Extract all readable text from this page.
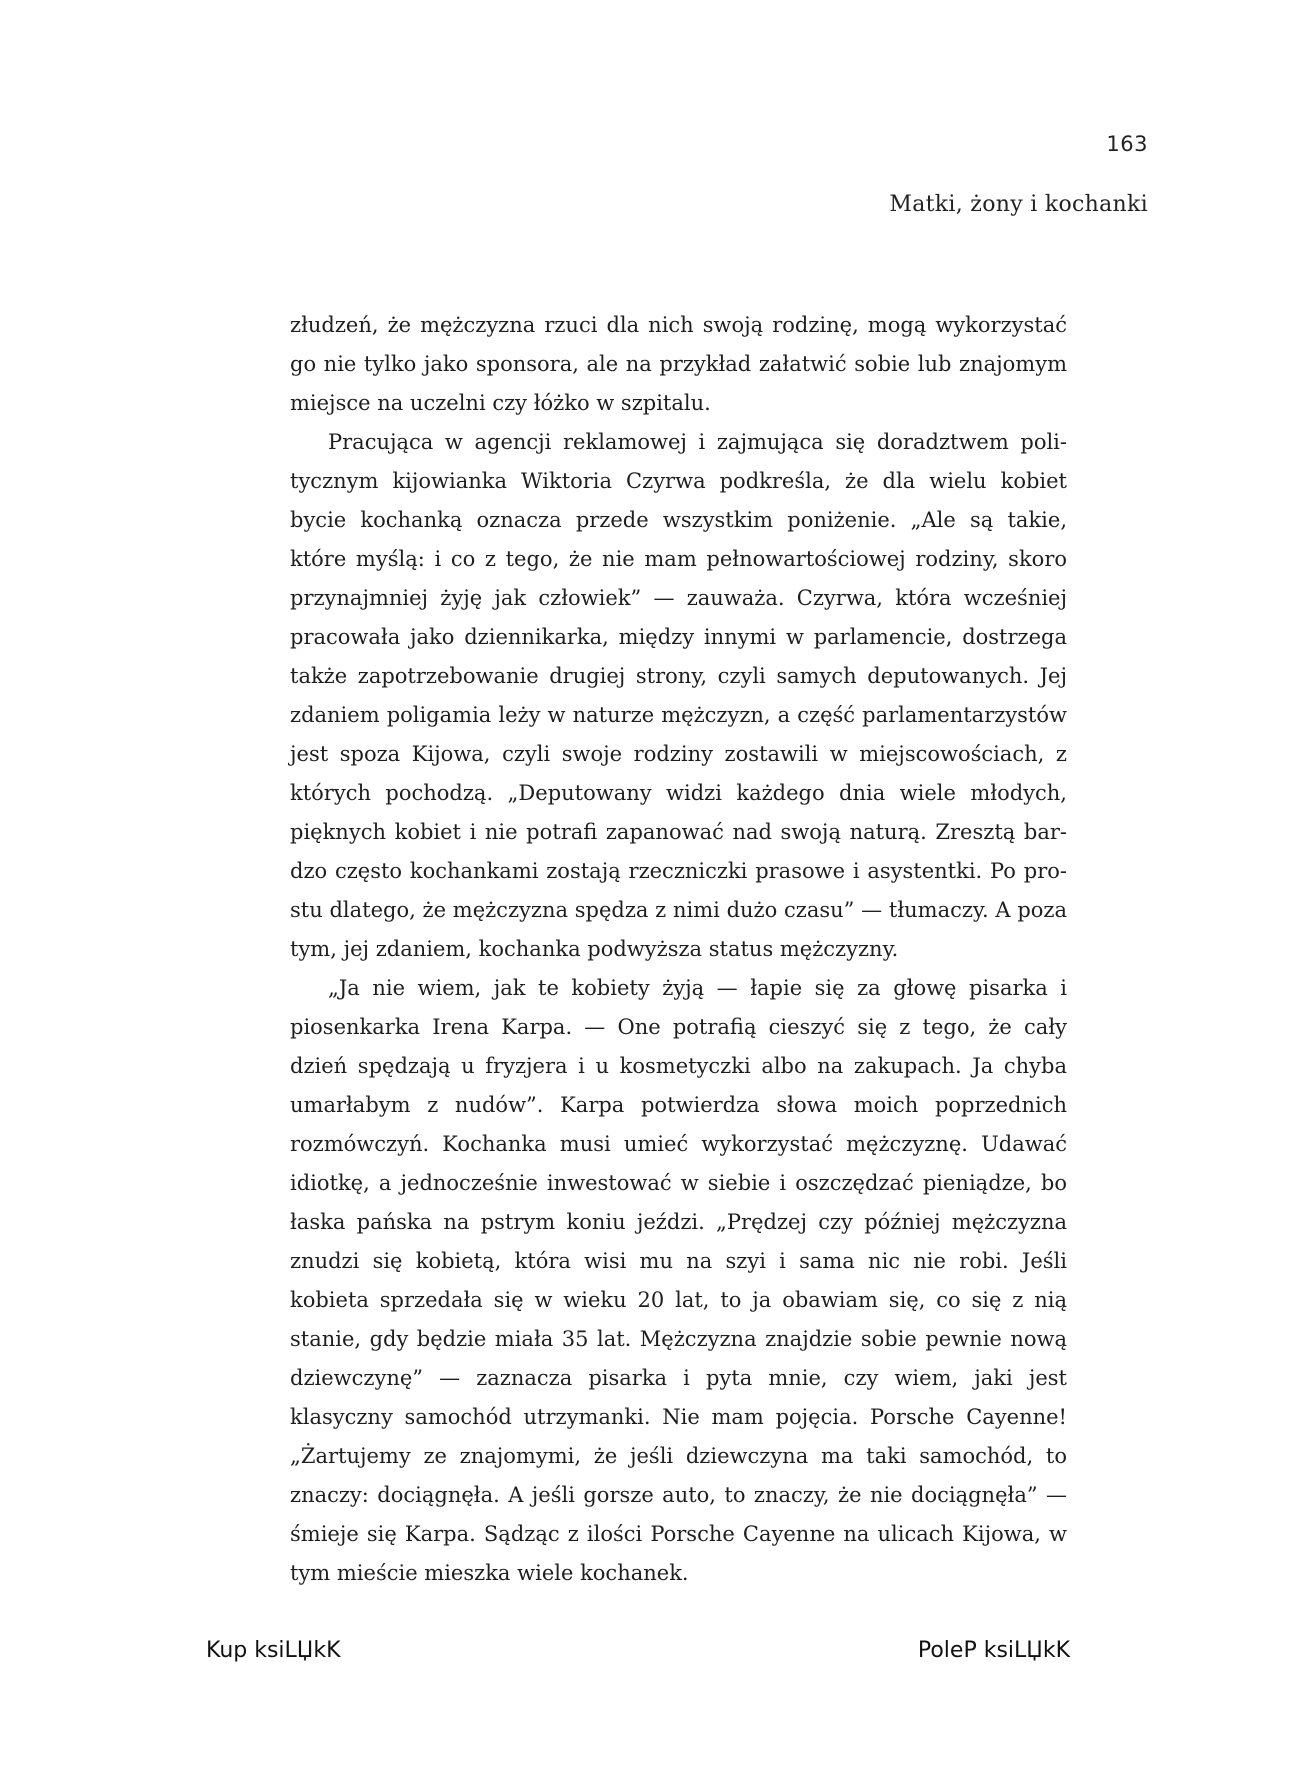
163
Matki, żony i kochanki

złudzeń, że mężczyzna rzuci dla nich swoją rodzinę, mogą wykorzystać go nie tylko jako sponsora, ale na przykład załatwić sobie lub znajomym miejsce na uczelni czy łóżko w szpitalu.

Pracująca w agencji reklamowej i zajmująca się doradztwem politycznym kijowianka Wiktoria Czyrwa podkreśla, że dla wielu kobiet bycie kochanką oznacza przede wszystkim poniżenie. „Ale są takie, które myślą: i co z tego, że nie mam pełnowartościowej rodziny, skoro przynajmniej żyję jak człowiek” — zauważa. Czyrwa, która wcześniej pracowała jako dziennikarka, między innymi w parlamencie, dostrzega także zapotrzebowanie drugiej strony, czyli samych deputowanych. Jej zdaniem poligamia leży w naturze mężczyzn, a część parlamentarzystów jest spoza Kijowa, czyli swoje rodziny zostawili w miejscowościach, z których pochodzą. „Deputowany widzi każdego dnia wiele młodych, pięknych kobiet i nie potrafi zapanować nad swoją naturą. Zresztą bardzo często kochankami zostają rzeczniczki prasowe i asystentki. Po prostu dlatego, że mężczyzna spędza z nimi dużo czasu” — tłumaczy. A poza tym, jej zdaniem, kochanka podwyższa status mężczyzny.

„Ja nie wiem, jak te kobiety żyją — łapie się za głowę pisarka i piosenkarka Irena Karpa. — One potrafią cieszyć się z tego, że cały dzień spędzają u fryzjera i u kosmetyczki albo na zakupach. Ja chyba umarłabym z nudów”. Karpa potwierdza słowa moich poprzednich rozmówczyń. Kochanka musi umieć wykorzystać mężczyznę. Udawać idiotkę, a jednocześnie inwestować w siebie i oszczędzać pieniądze, bo łaska pańska na pstrym koniu jeździ. „Prędzej czy później mężczyzna znudzi się kobietą, która wisi mu na szyi i sama nic nie robi. Jeśli kobieta sprzedała się w wieku 20 lat, to ja obawiam się, co się z nią stanie, gdy będzie miała 35 lat. Mężczyzna znajdzie sobie pewnie nową dziewczynę” — zaznacza pisarka i pyta mnie, czy wiem, jaki jest klasyczny samochód utrzymanki. Nie mam pojęcia. Porsche Cayenne! „Żartujemy ze znajomymi, że jeśli dziewczyna ma taki samochód, to znaczy: dociągnęła. A jeśli gorsze auto, to znaczy, że nie dociągnęła” — śmieje się Karpa. Sądząc z ilości Porsche Cayenne na ulicach Kijowa, w tym mieście mieszka wiele kochanek.

Kup ksiLЏkK	PoleP ksiLЏkK
